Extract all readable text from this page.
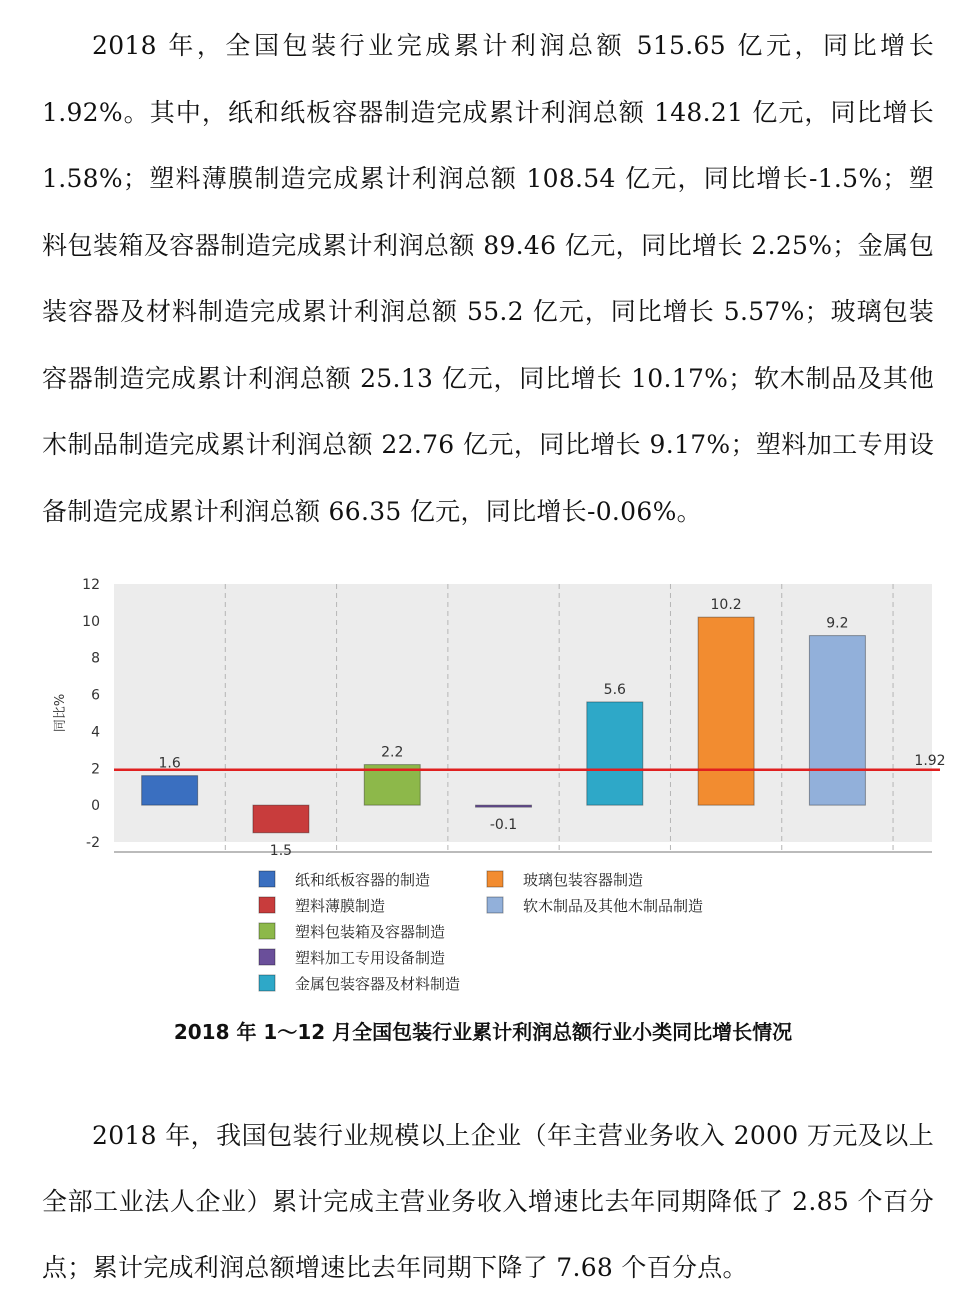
2018 年，全国包装行业完成累计利润总额 515.65 亿元，同比增长 1.92%。其中，纸和纸板容器制造完成累计利润总额 148.21 亿元，同比增长 1.58%；塑料薄膜制造完成累计利润总额 108.54 亿元，同比增长-1.5%；塑料包装箱及容器制造完成累计利润总额 89.46 亿元，同比增长 2.25%；金属包装容器及材料制造完成累计利润总额 55.2 亿元，同比增长 5.57%；玻璃包装容器制造完成累计利润总额 25.13 亿元，同比增长 10.17%；软木制品及其他木制品制造完成累计利润总额 22.76 亿元，同比增长 9.17%；塑料加工专用设备制造完成累计利润总额 66.35 亿元，同比增长-0.06%。

1.6
1.5
2.2
-0.1
5.6
10.2
9.2
1.92
-2
0
2
4
6
8
10
12
同比%
纸和纸板容器的制造
塑料薄膜制造
塑料包装箱及容器制造
塑料加工专用设备制造
金属包装容器及材料制造
玻璃包装容器制造
软木制品及其他木制品制造
2018 年 1～12 月全国包装行业累计利润总额行业小类同比增长情况

2018 年，我国包装行业规模以上企业（年主营业务收入 2000 万元及以上全部工业法人企业）累计完成主营业务收入增速比去年同期降低了 2.85 个百分点；累计完成利润总额增速比去年同期下降了 7.68 个百分点。
